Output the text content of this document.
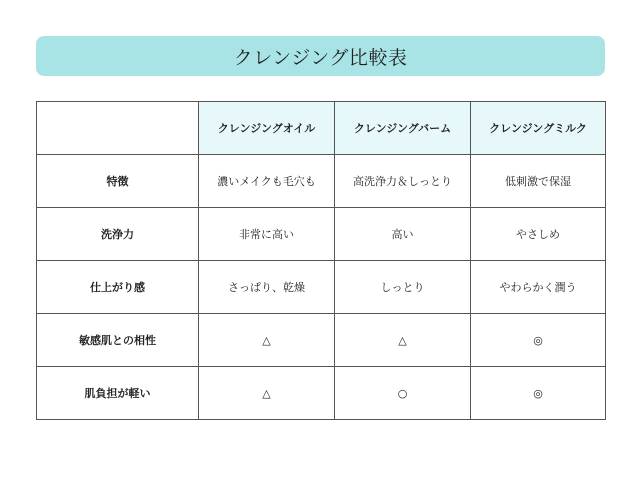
クレンジング比較表
	クレンジングオイル	クレンジングバーム	クレンジングミルク
特徴	濃いメイクも毛穴も	高洗浄力＆しっとり	低刺激で保湿
洗浄力	非常に高い	高い	やさしめ
仕上がり感	さっぱり、乾燥	しっとり	やわらかく潤う
敏感肌との相性	△	△	◎
肌負担が軽い	△	○	◎
